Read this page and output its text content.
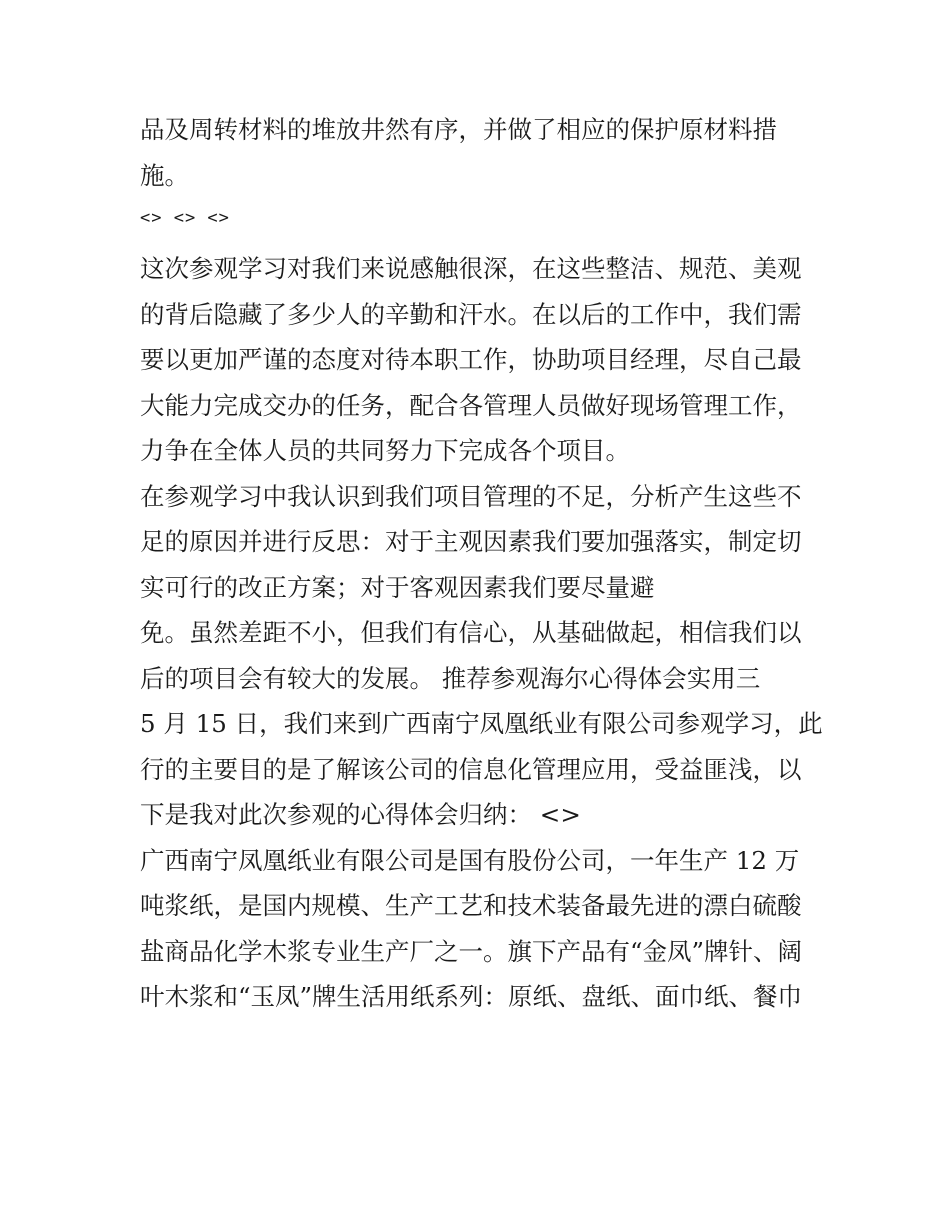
品及周转材料的堆放井然有序，并做了相应的保护原材料措
施。
<> <> <>
这次参观学习对我们来说感触很深，在这些整洁、规范、美观
的背后隐藏了多少人的辛勤和汗水。在以后的工作中，我们需
要以更加严谨的态度对待本职工作，协助项目经理，尽自己最
大能力完成交办的任务，配合各管理人员做好现场管理工作，
力争在全体人员的共同努力下完成各个项目。
在参观学习中我认识到我们项目管理的不足，分析产生这些不
足的原因并进行反思：对于主观因素我们要加强落实，制定切
实可行的改正方案；对于客观因素我们要尽量避
免。虽然差距不小，但我们有信心，从基础做起，相信我们以
后的项目会有较大的发展。 推荐参观海尔心得体会实用三
5 月 15 日，我们来到广西南宁凤凰纸业有限公司参观学习，此
行的主要目的是了解该公司的信息化管理应用，受益匪浅，以
下是我对此次参观的心得体会归纳： <>
广西南宁凤凰纸业有限公司是国有股份公司，一年生产 12 万
吨浆纸，是国内规模、生产工艺和技术装备最先进的漂白硫酸
盐商品化学木浆专业生产厂之一。旗下产品有“金凤”牌针、阔
叶木浆和“玉凤”牌生活用纸系列：原纸、盘纸、面巾纸、餐巾
